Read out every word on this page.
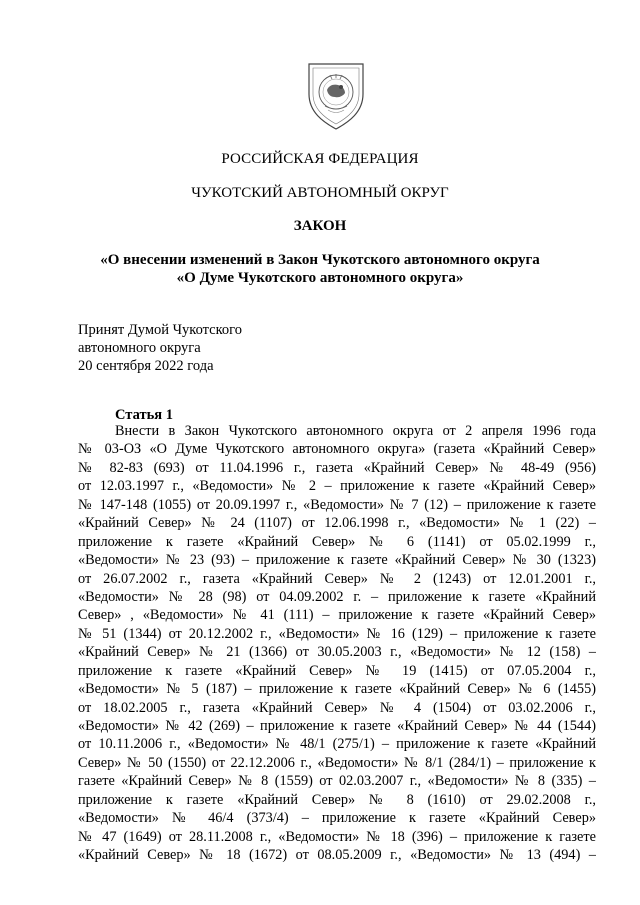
РОССИЙСКАЯ ФЕДЕРАЦИЯ
ЧУКОТСКИЙ АВТОНОМНЫЙ ОКРУГ
ЗАКОН
«О внесении изменений в Закон Чукотского автономного округа
«О Думе Чукотского автономного округа»
Принят Думой Чукотского
автономного округа
20 сентября 2022 года
Статья 1
Внести в Закон Чукотского автономного округа от 2 апреля 1996 года
№ 03-ОЗ «О Думе Чукотского автономного округа» (газета «Крайний Север»
№ 82-83 (693) от 11.04.1996 г., газета «Крайний Север» № 48-49 (956)
от 12.03.1997 г., «Ведомости» № 2 – приложение к газете «Крайний Север»
№ 147-148 (1055) от 20.09.1997 г., «Ведомости» № 7 (12) – приложение к газете
«Крайний Север» № 24 (1107) от 12.06.1998 г., «Ведомости» № 1 (22) –
приложение к газете «Крайний Север» № 6 (1141) от 05.02.1999 г.,
«Ведомости» № 23 (93) – приложение к газете «Крайний Север» № 30 (1323)
от 26.07.2002 г., газета «Крайний Север» № 2 (1243) от 12.01.2001 г.,
«Ведомости» № 28 (98) от 04.09.2002 г. – приложение к газете «Крайний
Север» , «Ведомости» № 41 (111) – приложение к газете «Крайний Север»
№ 51 (1344) от 20.12.2002 г., «Ведомости» № 16 (129) – приложение к газете
«Крайний Север» № 21 (1366) от 30.05.2003 г., «Ведомости» № 12 (158) –
приложение к газете «Крайний Север» № 19 (1415) от 07.05.2004 г.,
«Ведомости» № 5 (187) – приложение к газете «Крайний Север» № 6 (1455)
от 18.02.2005 г., газета «Крайний Север» № 4 (1504) от 03.02.2006 г.,
«Ведомости» № 42 (269) – приложение к газете «Крайний Север» № 44 (1544)
от 10.11.2006 г., «Ведомости» № 48/1 (275/1) – приложение к газете «Крайний
Север» № 50 (1550) от 22.12.2006 г., «Ведомости» № 8/1 (284/1) – приложение к
газете «Крайний Север» № 8 (1559) от 02.03.2007 г., «Ведомости» № 8 (335) –
приложение к газете «Крайний Север» № 8 (1610) от 29.02.2008 г.,
«Ведомости» № 46/4 (373/4) – приложение к газете «Крайний Север»
№ 47 (1649) от 28.11.2008 г., «Ведомости» № 18 (396) – приложение к газете
«Крайний Север» № 18 (1672) от 08.05.2009 г., «Ведомости» № 13 (494) –
